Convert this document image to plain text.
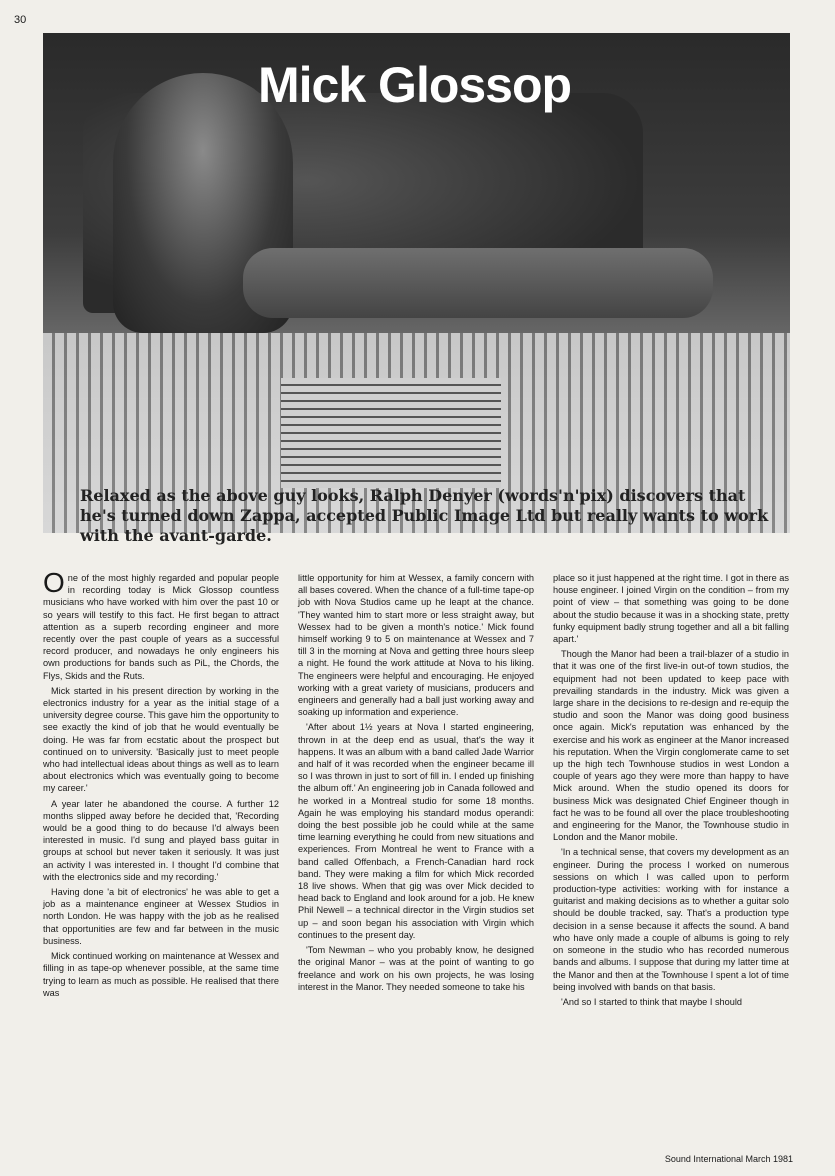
30
Mick Glossop

Relaxed as the above guy looks, Ralph Denyer (words'n'pix) discovers that he's turned down Zappa, accepted Public Image Ltd but really wants to work with the avant-garde.

One of the most highly regarded and popular people in recording today is Mick Glossop countless musicians who have worked with him over the past 10 or so years will testify to this fact. He first began to attract attention as a superb recording engineer and more recently over the past couple of years as a successful record producer, and nowadays he only engineers his own productions for bands such as PiL, the Chords, the Flys, Skids and the Ruts.

Mick started in his present direction by working in the electronics industry for a year as the initial stage of a university degree course. This gave him the opportunity to see exactly the kind of job that he would eventually be doing. He was far from ecstatic about the prospect but continued on to university. 'Basically just to meet people who had intellectual ideas about things as well as to learn about electronics which was eventually going to become my career.'

A year later he abandoned the course. A further 12 months slipped away before he decided that, 'Recording would be a good thing to do because I'd always been interested in music. I'd sung and played bass guitar in groups at school but never taken it seriously. It was just an activity I was interested in. I thought I'd combine that with the electronics side and my recording.'

Having done 'a bit of electronics' he was able to get a job as a maintenance engineer at Wessex Studios in north London. He was happy with the job as he realised that opportunities are few and far between in the music business.

Mick continued working on maintenance at Wessex and filling in as tape-op whenever possible, at the same time trying to learn as much as possible. He realised that there was

little opportunity for him at Wessex, a family concern with all bases covered. When the chance of a full-time tape-op job with Nova Studios came up he leapt at the chance. 'They wanted him to start more or less straight away, but Wessex had to be given a month's notice.' Mick found himself working 9 to 5 on maintenance at Wessex and 7 till 3 in the morning at Nova and getting three hours sleep a night. He found the work attitude at Nova to his liking. The engineers were helpful and encouraging. He enjoyed working with a great variety of musicians, producers and engineers and generally had a ball just working away and soaking up information and experience.

'After about 1½ years at Nova I started engineering, thrown in at the deep end as usual, that's the way it happens. It was an album with a band called Jade Warrior and half of it was recorded when the engineer became ill so I was thrown in just to sort of fill in. I ended up finishing the album off.' An engineering job in Canada followed and he worked in a Montreal studio for some 18 months. Again he was employing his standard modus operandi: doing the best possible job he could while at the same time learning everything he could from new situations and experiences. From Montreal he went to France with a band called Offenbach, a French-Canadian hard rock band. They were making a film for which Mick recorded 18 live shows. When that gig was over Mick decided to head back to England and look around for a job. He knew Phil Newell – a technical director in the Virgin studios set up – and soon began his association with Virgin which continues to the present day.

'Tom Newman – who you probably know, he designed the original Manor – was at the point of wanting to go freelance and work on his own projects, he was losing interest in the Manor. They needed someone to take his

place so it just happened at the right time. I got in there as house engineer. I joined Virgin on the condition – from my point of view – that something was going to be done about the studio because it was in a shocking state, pretty funky equipment badly strung together and all a bit falling apart.'

Though the Manor had been a trail-blazer of a studio in that it was one of the first live-in out-of town studios, the equipment had not been updated to keep pace with prevailing standards in the industry. Mick was given a large share in the decisions to re-design and re-equip the studio and soon the Manor was doing good business once again. Mick's reputation was enhanced by the exercise and his work as engineer at the Manor increased his reputation. When the Virgin conglomerate came to set up the high tech Townhouse studios in west London a couple of years ago they were more than happy to have Mick around. When the studio opened its doors for business Mick was designated Chief Engineer though in fact he was to be found all over the place troubleshooting and engineering for the Manor, the Townhouse studio in London and the Manor mobile.

'In a technical sense, that covers my development as an engineer. During the process I worked on numerous sessions on which I was called upon to perform production-type activities: working with for instance a guitarist and making decisions as to whether a guitar solo should be double tracked, say. That's a production type decision in a sense because it affects the sound. A band who have only made a couple of albums is going to rely on someone in the studio who has recorded numerous bands and albums. I suppose that during my latter time at the Manor and then at the Townhouse I spent a lot of time being involved with bands on that basis.

'And so I started to think that maybe I should

Sound International March 1981
